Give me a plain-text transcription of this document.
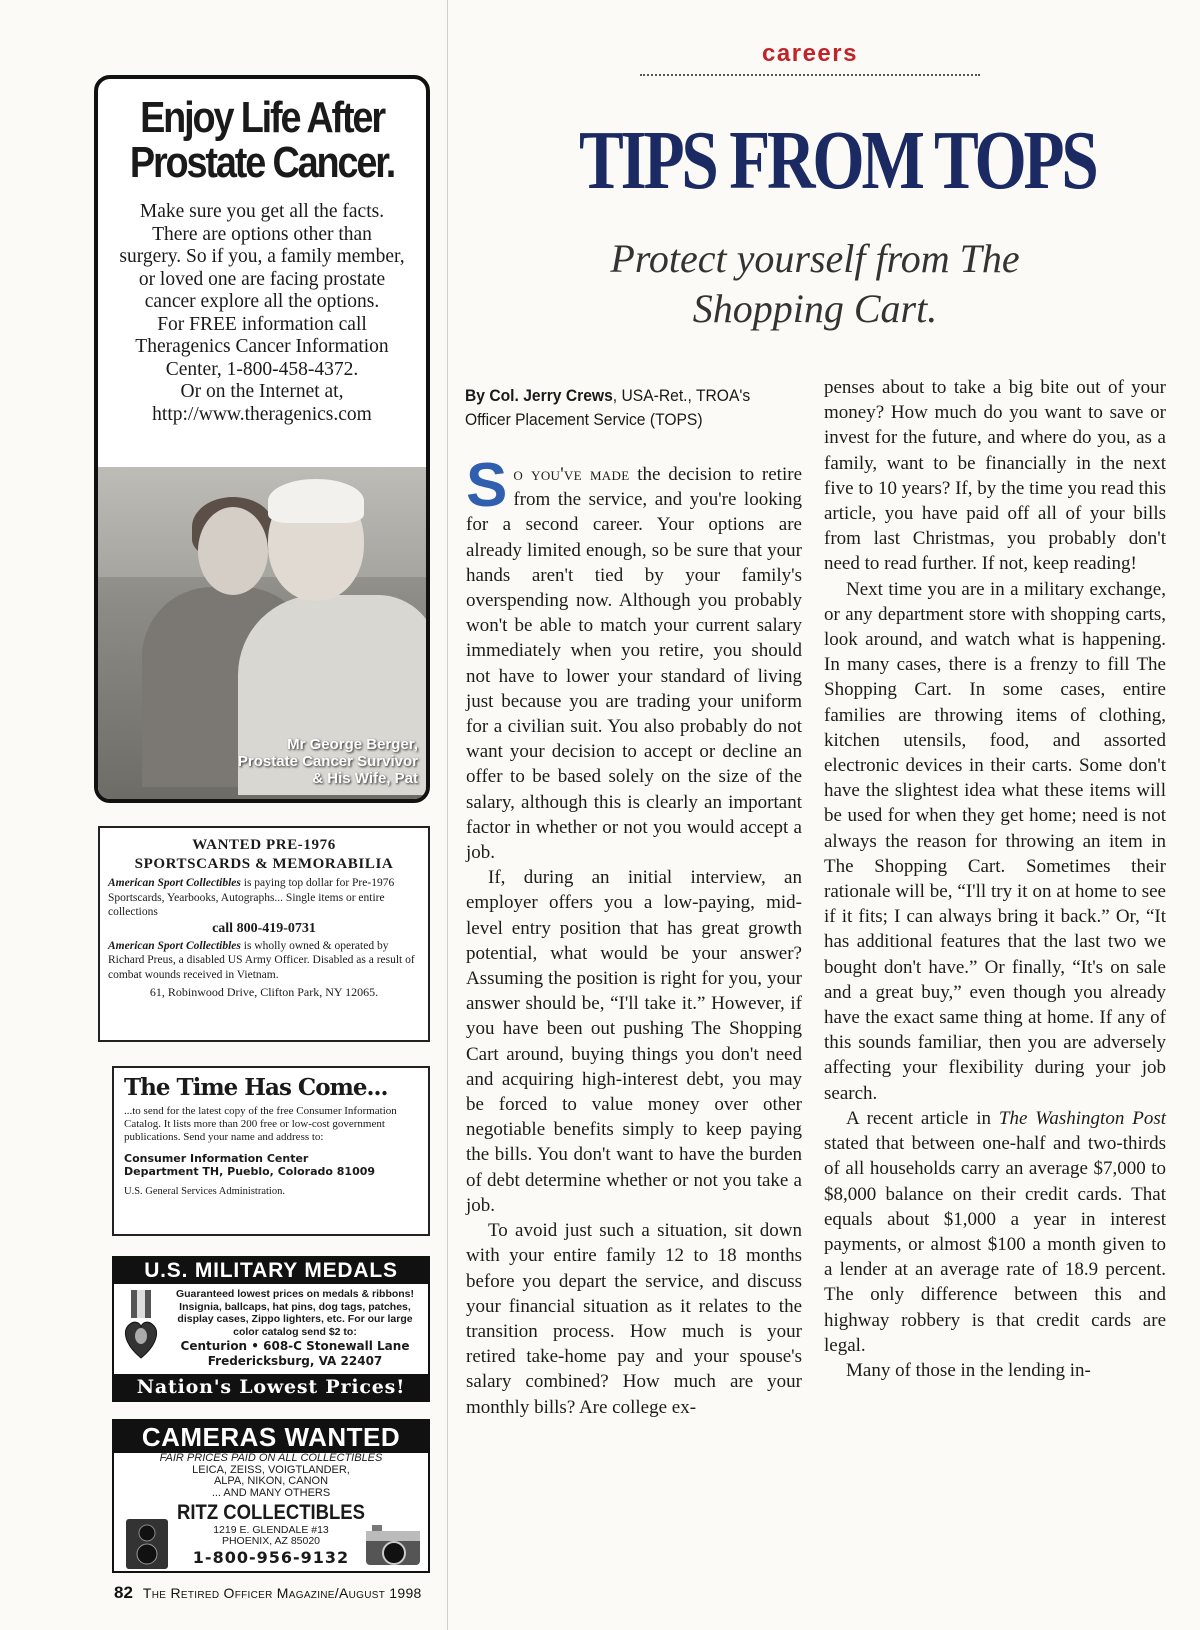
Enjoy Life After Prostate Cancer.

Make sure you get all the facts.
There are options other than
surgery. So if you, a family member,
or loved one are facing prostate
cancer explore all the options.
For FREE information call
Theragenics Cancer Information
Center, 1-800-458-4372.
Or on the Internet at,
http://www.theragenics.com

Mr George Berger,
Prostate Cancer Survivor
& His Wife, Pat
WANTED PRE-1976
SPORTSCARDS & MEMORABILIA
American Sport Collectibles is paying top dollar for Pre-1976 Sportscards, Yearbooks, Autographs... Single items or entire collections
call 800-419-0731
American Sport Collectibles is wholly owned & operated by Richard Preus, a disabled US Army Officer. Disabled as a result of combat wounds received in Vietnam.
61, Robinwood Drive, Clifton Park, NY 12065.
The Time Has Come...
...to send for the latest copy of the free Consumer Information Catalog. It lists more than 200 free or low-cost government publications. Send your name and address to:
Consumer Information Center
Department TH, Pueblo, Colorado 81009
U.S. General Services Administration.
U.S. MILITARY MEDALS
Guaranteed lowest prices on medals & ribbons! Insignia, ballcaps, hat pins, dog tags, patches, display cases, Zippo lighters, etc. For our large color catalog send $2 to:
Centurion • 608-C Stonewall Lane
Fredericksburg, VA 22407
Nation's Lowest Prices!
CAMERAS WANTED
FAIR PRICES PAID ON ALL COLLECTIBLES
LEICA, ZEISS, VOIGTLANDER,
ALPA, NIKON, CANON
... AND MANY OTHERS
RITZ COLLECTIBLES
1219 E. GLENDALE #13
PHOENIX, AZ 85020
1-800-956-9132
82 The Retired Officer Magazine/August 1998
careers
TIPS FROM TOPS
Protect yourself from The
Shopping Cart.
By Col. Jerry Crews, USA-Ret., TROA's Officer Placement Service (TOPS)

So you've made the decision to retire from the service, and you're looking for a second career. Your options are already limited enough, so be sure that your hands aren't tied by your family's overspending now. Although you probably won't be able to match your current salary immediately when you retire, you should not have to lower your standard of living just because you are trading your uniform for a civilian suit. You also probably do not want your decision to accept or decline an offer to be based solely on the size of the salary, although this is clearly an important factor in whether or not you would accept a job.

If, during an initial interview, an employer offers you a low-paying, mid-level entry position that has great growth potential, what would be your answer? Assuming the position is right for you, your answer should be, “I'll take it.” However, if you have been out pushing The Shopping Cart around, buying things you don't need and acquiring high-interest debt, you may be forced to value money over other negotiable benefits simply to keep paying the bills. You don't want to have the burden of debt determine whether or not you take a job.

To avoid just such a situation, sit down with your entire family 12 to 18 months before you depart the service, and discuss your financial situation as it relates to the transition process. How much is your retired take-home pay and your spouse's salary combined? How much are your monthly bills? Are college ex-

penses about to take a big bite out of your money? How much do you want to save or invest for the future, and where do you, as a family, want to be financially in the next five to 10 years? If, by the time you read this article, you have paid off all of your bills from last Christmas, you probably don't need to read further. If not, keep reading!

Next time you are in a military exchange, or any department store with shopping carts, look around, and watch what is happening. In many cases, there is a frenzy to fill The Shopping Cart. In some cases, entire families are throwing items of clothing, kitchen utensils, food, and assorted electronic devices in their carts. Some don't have the slightest idea what these items will be used for when they get home; need is not always the reason for throwing an item in The Shopping Cart. Sometimes their rationale will be, “I'll try it on at home to see if it fits; I can always bring it back.” Or, “It has additional features that the last two we bought don't have.” Or finally, “It's on sale and a great buy,” even though you already have the exact same thing at home. If any of this sounds familiar, then you are adversely affecting your flexibility during your job search.

A recent article in The Washington Post stated that between one-half and two-thirds of all households carry an average $7,000 to $8,000 balance on their credit cards. That equals about $1,000 a year in interest payments, or almost $100 a month given to a lender at an average rate of 18.9 percent. The only difference between this and highway robbery is that credit cards are legal.

Many of those in the lending in-
